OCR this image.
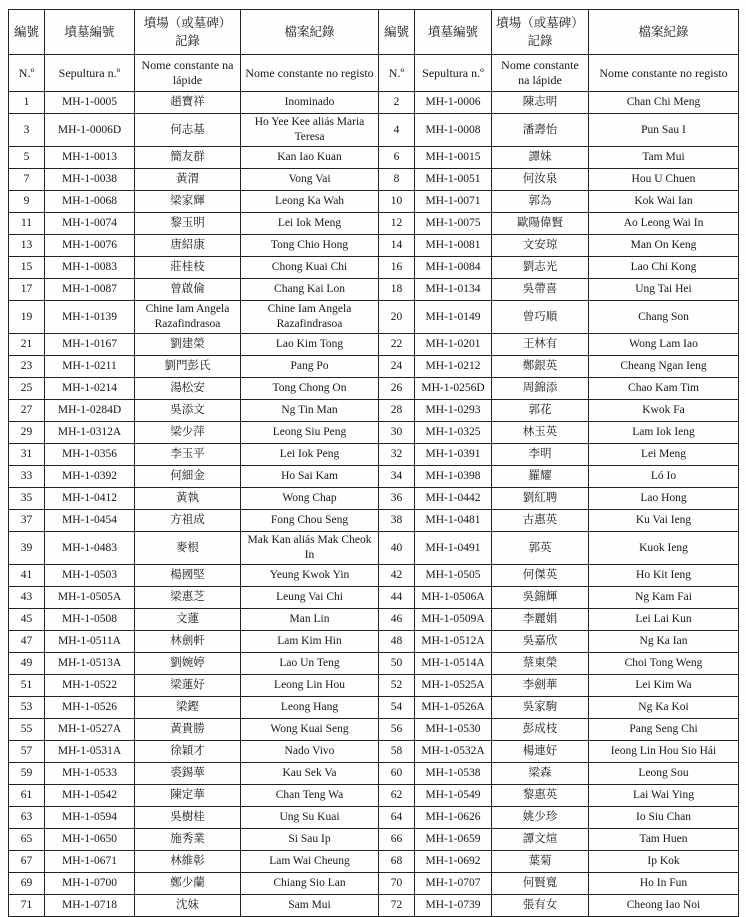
編號	墳墓編號	墳場（或墓碑）記錄	檔案紀錄	編號	墳墓編號	墳場（或墓碑）記錄	檔案紀錄
N.º	Sepultura n.º	Nome constante na lápide	Nome constante no registo	N.º	Sepultura n.º	Nome constante na lápide	Nome constante no registo
1	MH-1-0005	趙寶祥	Inominado	2	MH-1-0006	陳志明	Chan Chi Meng
3	MH-1-0006D	何志基	Ho Yee Kee aliás Maria Teresa	4	MH-1-0008	潘壽怡	Pun Sau I
5	MH-1-0013	簡友群	Kan Iao Kuan	6	MH-1-0015	譚妹	Tam Mui
7	MH-1-0038	黃渭	Vong Vai	8	MH-1-0051	何汝泉	Hou U Chuen
9	MH-1-0068	梁家輝	Leong Ka Wah	10	MH-1-0071	郭為	Kok Wai Ian
11	MH-1-0074	黎玉明	Lei Iok Meng	12	MH-1-0075	歐陽偉賢	Ao Leong Wai In
13	MH-1-0076	唐紹康	Tong Chio Hong	14	MH-1-0081	文安琼	Man On Keng
15	MH-1-0083	莊桂枝	Chong Kuai Chi	16	MH-1-0084	劉志光	Lao Chi Kong
17	MH-1-0087	曾啟倫	Chang Kai Lon	18	MH-1-0134	吳帶喜	Ung Tai Hei
19	MH-1-0139	Chine Iam Angela Razafindrasoa	Chine Iam Angela Razafindrasoa	20	MH-1-0149	曾巧順	Chang Son
21	MH-1-0167	劉建榮	Lao Kim Tong	22	MH-1-0201	王林有	Wong Lam Iao
23	MH-1-0211	劉門彭氏	Pang Po	24	MH-1-0212	鄭銀英	Cheang Ngan Ieng
25	MH-1-0214	湯松安	Tong Chong On	26	MH-1-0256D	周錦添	Chao Kam Tim
27	MH-1-0284D	吳添文	Ng Tin Man	28	MH-1-0293	郭花	Kwok Fa
29	MH-1-0312A	梁少萍	Leong Siu Peng	30	MH-1-0325	林玉英	Lam Iok Ieng
31	MH-1-0356	李玉平	Lei Iok Peng	32	MH-1-0391	李明	Lei Meng
33	MH-1-0392	何細金	Ho Sai Kam	34	MH-1-0398	羅耀	Ló Io
35	MH-1-0412	黃執	Wong Chap	36	MH-1-0442	劉紅聘	Lao Hong
37	MH-1-0454	方祖成	Fong Chou Seng	38	MH-1-0481	古惠英	Ku Vai Ieng
39	MH-1-0483	麥根	Mak Kan aliás Mak Cheok In	40	MH-1-0491	郭英	Kuok Ieng
41	MH-1-0503	楊國堅	Yeung Kwok Yin	42	MH-1-0505	何傑英	Ho Kit Ieng
43	MH-1-0505A	梁惠芝	Leung Vai Chi	44	MH-1-0506A	吳錦輝	Ng Kam Fai
45	MH-1-0508	文蓮	Man Lin	46	MH-1-0509A	李麗娟	Lei Lai Kun
47	MH-1-0511A	林劍軒	Lam Kim Hin	48	MH-1-0512A	吳嘉欣	Ng Ka Ian
49	MH-1-0513A	劉婉婷	Lao Un Teng	50	MH-1-0514A	蔡東榮	Choi Tong Weng
51	MH-1-0522	梁蓮好	Leong Lin Hou	52	MH-1-0525A	李劍華	Lei Kim Wa
53	MH-1-0526	梁鏗	Leong Hang	54	MH-1-0526A	吳家駒	Ng Ka Koi
55	MH-1-0527A	黃貴勝	Wong Kuai Seng	56	MH-1-0530	彭成枝	Pang Seng Chi
57	MH-1-0531A	徐穎才	Nado Vivo	58	MH-1-0532A	楊連好	Ieong Lin Hou Sio Hái
59	MH-1-0533	裘錫華	Kau Sek Va	60	MH-1-0538	梁森	Leong Sou
61	MH-1-0542	陳定華	Chan Teng Wa	62	MH-1-0549	黎惠英	Lai Wai Ying
63	MH-1-0594	吳樹桂	Ung Su Kuai	64	MH-1-0626	姚少珍	Io Siu Chan
65	MH-1-0650	施秀業	Si Sau Ip	66	MH-1-0659	譚文煊	Tam Huen
67	MH-1-0671	林維彰	Lam Wai Cheung	68	MH-1-0692	葉菊	Ip Kok
69	MH-1-0700	鄭少蘭	Chiang Sio Lan	70	MH-1-0707	何賢寬	Ho In Fun
71	MH-1-0718	沈妹	Sam Mui	72	MH-1-0739	張有女	Cheong Iao Noi
